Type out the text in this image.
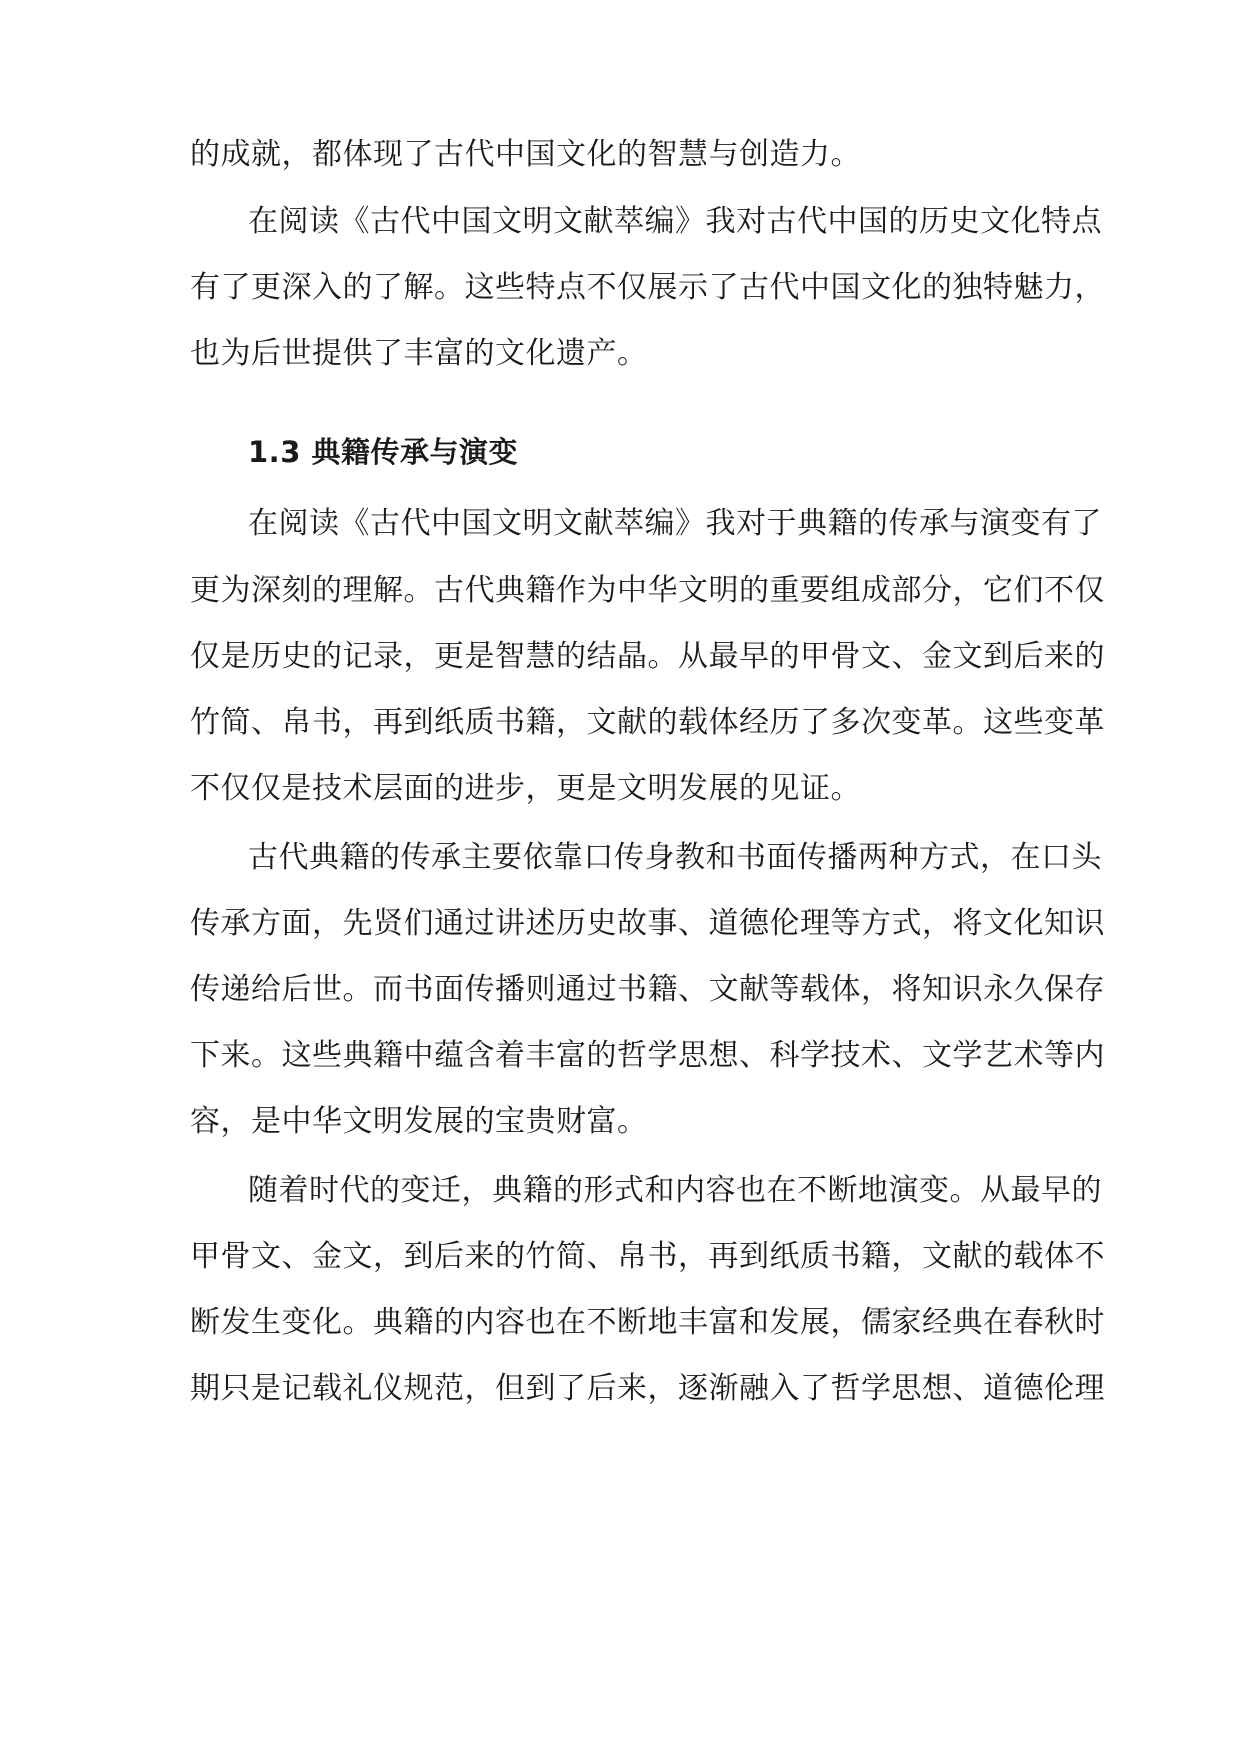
的成就，都体现了古代中国文化的智慧与创造力。
在阅读《古代中国文明文献萃编》我对古代中国的历史文化特点
有了更深入的了解。这些特点不仅展示了古代中国文化的独特魅力，
也为后世提供了丰富的文化遗产。
1.3 典籍传承与演变
在阅读《古代中国文明文献萃编》我对于典籍的传承与演变有了
更为深刻的理解。古代典籍作为中华文明的重要组成部分，它们不仅
仅是历史的记录，更是智慧的结晶。从最早的甲骨文、金文到后来的
竹简、帛书，再到纸质书籍，文献的载体经历了多次变革。这些变革
不仅仅是技术层面的进步，更是文明发展的见证。
古代典籍的传承主要依靠口传身教和书面传播两种方式，在口头
传承方面，先贤们通过讲述历史故事、道德伦理等方式，将文化知识
传递给后世。而书面传播则通过书籍、文献等载体，将知识永久保存
下来。这些典籍中蕴含着丰富的哲学思想、科学技术、文学艺术等内
容，是中华文明发展的宝贵财富。
随着时代的变迁，典籍的形式和内容也在不断地演变。从最早的
甲骨文、金文，到后来的竹简、帛书，再到纸质书籍，文献的载体不
断发生变化。典籍的内容也在不断地丰富和发展，儒家经典在春秋时
期只是记载礼仪规范，但到了后来，逐渐融入了哲学思想、道德伦理
